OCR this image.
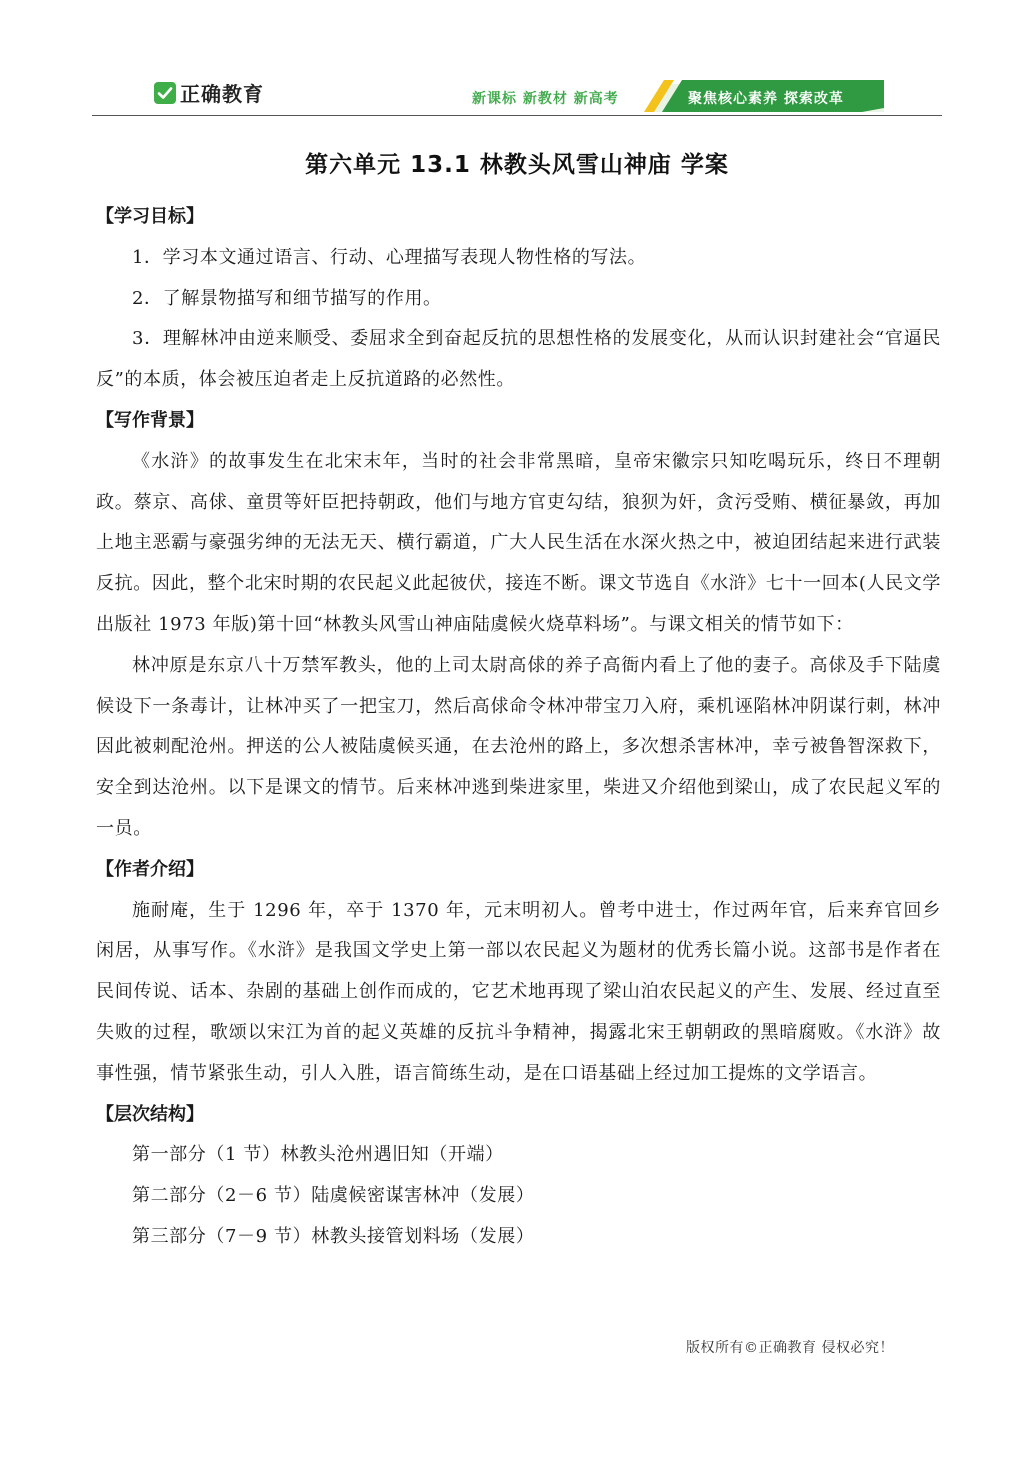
正确教育	新课标 新教材 新高考	聚焦核心素养 探索改革
第六单元 13.1 林教头风雪山神庙 学案

【学习目标】

1．学习本文通过语言、行动、心理描写表现人物性格的写法。

2．了解景物描写和细节描写的作用。

3．理解林冲由逆来顺受、委屈求全到奋起反抗的思想性格的发展变化，从而认识封建社会“官逼民反”的本质，体会被压迫者走上反抗道路的必然性。

【写作背景】

《水浒》的故事发生在北宋末年，当时的社会非常黑暗，皇帝宋徽宗只知吃喝玩乐，终日不理朝政。蔡京、高俅、童贯等奸臣把持朝政，他们与地方官吏勾结，狼狈为奸，贪污受贿、横征暴敛，再加上地主恶霸与豪强劣绅的无法无天、横行霸道，广大人民生活在水深火热之中，被迫团结起来进行武装反抗。因此，整个北宋时期的农民起义此起彼伏，接连不断。课文节选自《水浒》七十一回本(人民文学出版社 1973 年版)第十回“林教头风雪山神庙陆虞候火烧草料场”。与课文相关的情节如下：

林冲原是东京八十万禁军教头，他的上司太尉高俅的养子高衙内看上了他的妻子。高俅及手下陆虞候设下一条毒计，让林冲买了一把宝刀，然后高俅命令林冲带宝刀入府，乘机诬陷林冲阴谋行刺，林冲因此被刺配沧州。押送的公人被陆虞候买通，在去沧州的路上，多次想杀害林冲，幸亏被鲁智深救下，安全到达沧州。以下是课文的情节。后来林冲逃到柴进家里，柴进又介绍他到梁山，成了农民起义军的一员。

【作者介绍】

施耐庵，生于 1296 年，卒于 1370 年，元末明初人。曾考中进士，作过两年官，后来弃官回乡闲居，从事写作。《水浒》是我国文学史上第一部以农民起义为题材的优秀长篇小说。这部书是作者在民间传说、话本、杂剧的基础上创作而成的，它艺术地再现了梁山泊农民起义的产生、发展、经过直至失败的过程，歌颂以宋江为首的起义英雄的反抗斗争精神，揭露北宋王朝朝政的黑暗腐败。《水浒》故事性强，情节紧张生动，引人入胜，语言简练生动，是在口语基础上经过加工提炼的文学语言。

【层次结构】

第一部分（1 节）林教头沧州遇旧知（开端）

第二部分（2－6 节）陆虞候密谋害林冲（发展）

第三部分（7－9 节）林教头接管划料场（发展）

版权所有©正确教育 侵权必究！
